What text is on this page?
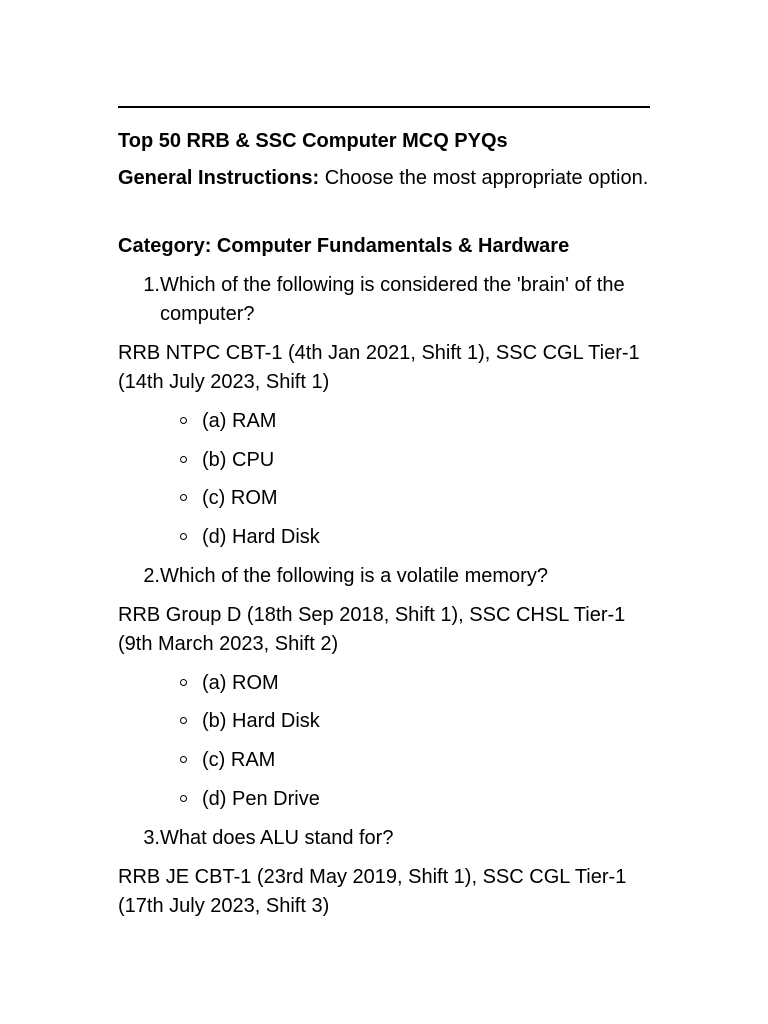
Top 50 RRB & SSC Computer MCQ PYQs
General Instructions: Choose the most appropriate option.
Category: Computer Fundamentals & Hardware
1. Which of the following is considered the 'brain' of the computer?
RRB NTPC CBT-1 (4th Jan 2021, Shift 1), SSC CGL Tier-1 (14th July 2023, Shift 1)
(a) RAM
(b) CPU
(c) ROM
(d) Hard Disk
2. Which of the following is a volatile memory?
RRB Group D (18th Sep 2018, Shift 1), SSC CHSL Tier-1 (9th March 2023, Shift 2)
(a) ROM
(b) Hard Disk
(c) RAM
(d) Pen Drive
3. What does ALU stand for?
RRB JE CBT-1 (23rd May 2019, Shift 1), SSC CGL Tier-1 (17th July 2023, Shift 3)
